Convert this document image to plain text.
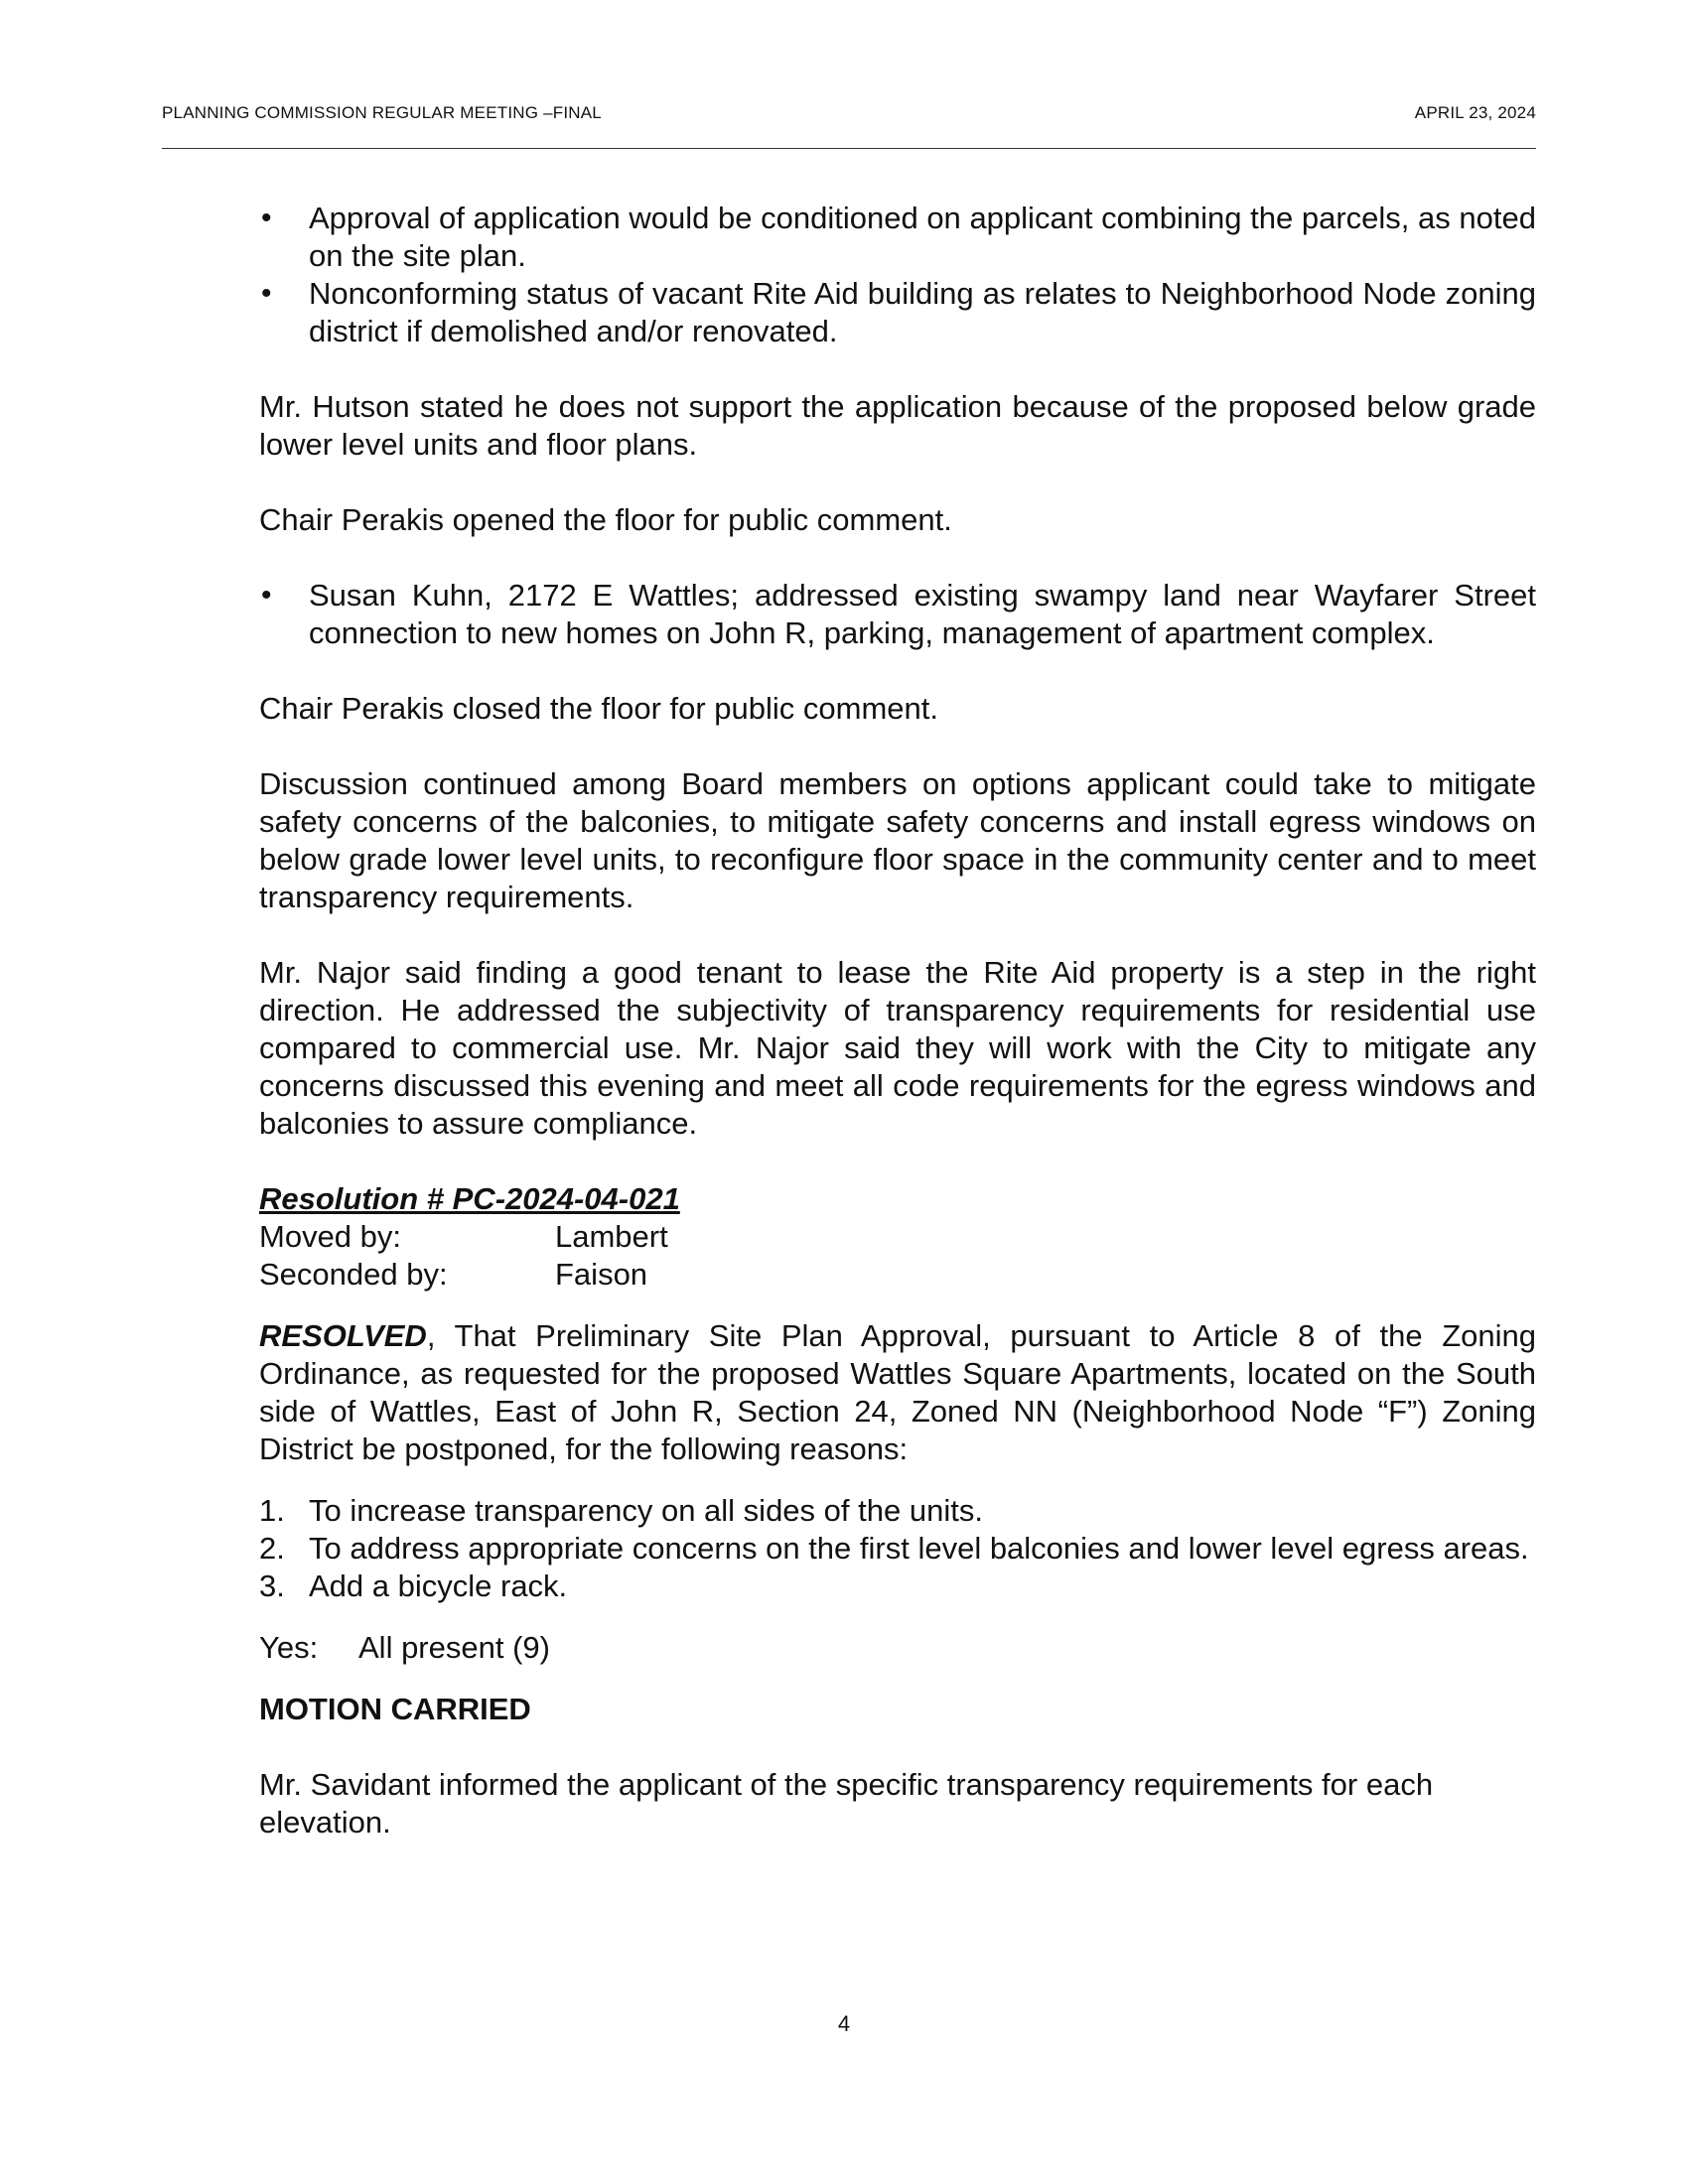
PLANNING COMMISSION REGULAR MEETING –FINAL	APRIL 23, 2024
• Approval of application would be conditioned on applicant combining the parcels, as noted on the site plan.
• Nonconforming status of vacant Rite Aid building as relates to Neighborhood Node zoning district if demolished and/or renovated.

Mr. Hutson stated he does not support the application because of the proposed below grade lower level units and floor plans.

Chair Perakis opened the floor for public comment.

• Susan Kuhn, 2172 E Wattles; addressed existing swampy land near Wayfarer Street connection to new homes on John R, parking, management of apartment complex.

Chair Perakis closed the floor for public comment.

Discussion continued among Board members on options applicant could take to mitigate safety concerns of the balconies, to mitigate safety concerns and install egress windows on below grade lower level units, to reconfigure floor space in the community center and to meet transparency requirements.

Mr. Najor said finding a good tenant to lease the Rite Aid property is a step in the right direction. He addressed the subjectivity of transparency requirements for residential use compared to commercial use. Mr. Najor said they will work with the City to mitigate any concerns discussed this evening and meet all code requirements for the egress windows and balconies to assure compliance.

Resolution # PC-2024-04-021

Moved by:	Lambert
Seconded by:	Faison

RESOLVED, That Preliminary Site Plan Approval, pursuant to Article 8 of the Zoning Ordinance, as requested for the proposed Wattles Square Apartments, located on the South side of Wattles, East of John R, Section 24, Zoned NN (Neighborhood Node “F”) Zoning District be postponed, for the following reasons:

1. To increase transparency on all sides of the units.
2. To address appropriate concerns on the first level balconies and lower level egress areas.
3. Add a bicycle rack.
Yes:	All present (9)

MOTION CARRIED

Mr. Savidant informed the applicant of the specific transparency requirements for each elevation.

4
